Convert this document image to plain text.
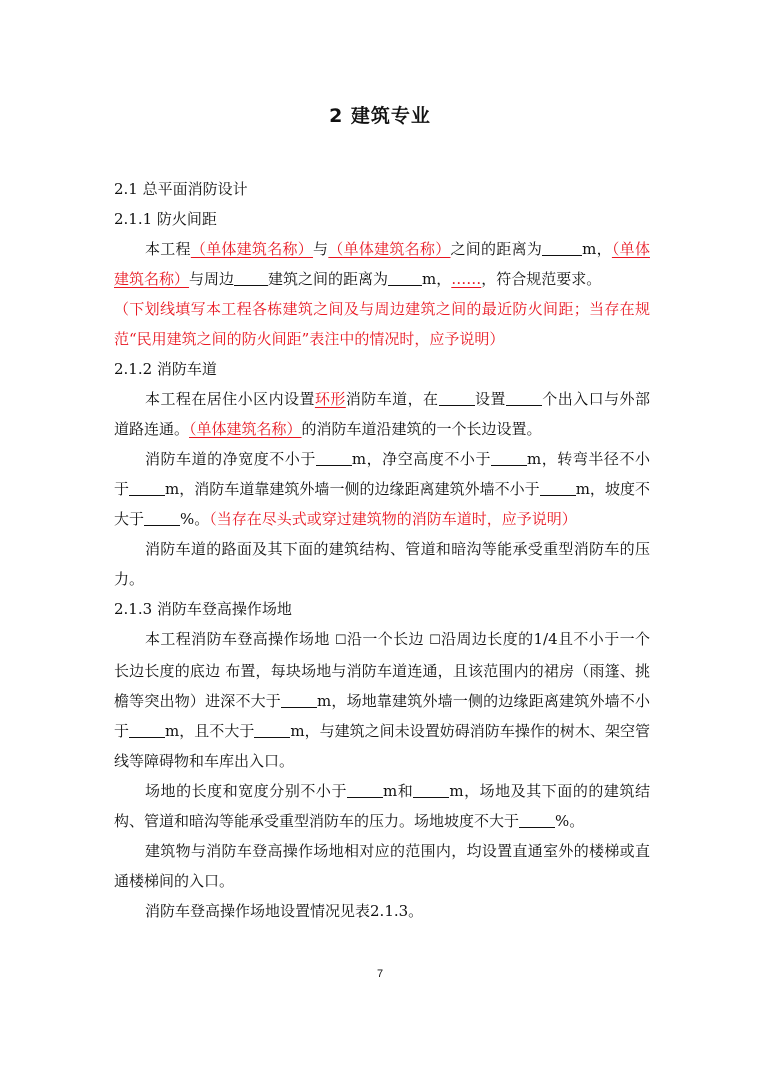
2 建筑专业

2.1 总平面消防设计

2.1.1 防火间距

本工程（单体建筑名称）与（单体建筑名称）之间的距离为	m，（单体建筑名称）与周边 建筑之间的距离为 m，……，符合规范要求。

（下划线填写本工程各栋建筑之间及与周边建筑之间的最近防火间距；当存在规范“民用建筑之间的防火间距”表注中的情况时，应予说明）

2.1.2 消防车道

本工程在居住小区内设置环形消防车道，在 设置 个出入口与外部道路连通。（单体建筑名称）的消防车道沿建筑的一个长边设置。

消防车道的净宽度不小于 m，净空高度不小于 m，转弯半径不小于 m，消防车道靠建筑外墙一侧的边缘距离建筑外墙不小于 m，坡度不大于 %。（当存在尽头式或穿过建筑物的消防车道时，应予说明）

消防车道的路面及其下面的建筑结构、管道和暗沟等能承受重型消防车的压力。

2.1.3 消防车登高操作场地

本工程消防车登高操作场地 ☐沿一个长边 ☐沿周边长度的1/4且不小于一个长边长度的底边 布置，每块场地与消防车道连通，且该范围内的裙房（雨篷、挑檐等突出物）进深不大于 m，场地靠建筑外墙一侧的边缘距离建筑外墙不小于 m，且不大于 m，与建筑之间未设置妨碍消防车操作的树木、架空管线等障碍物和车库出入口。

场地的长度和宽度分别不小于 m和 m，场地及其下面的的建筑结构、管道和暗沟等能承受重型消防车的压力。场地坡度不大于 %。

建筑物与消防车登高操作场地相对应的范围内，均设置直通室外的楼梯或直通楼梯间的入口。

消防车登高操作场地设置情况见表2.1.3。

7
